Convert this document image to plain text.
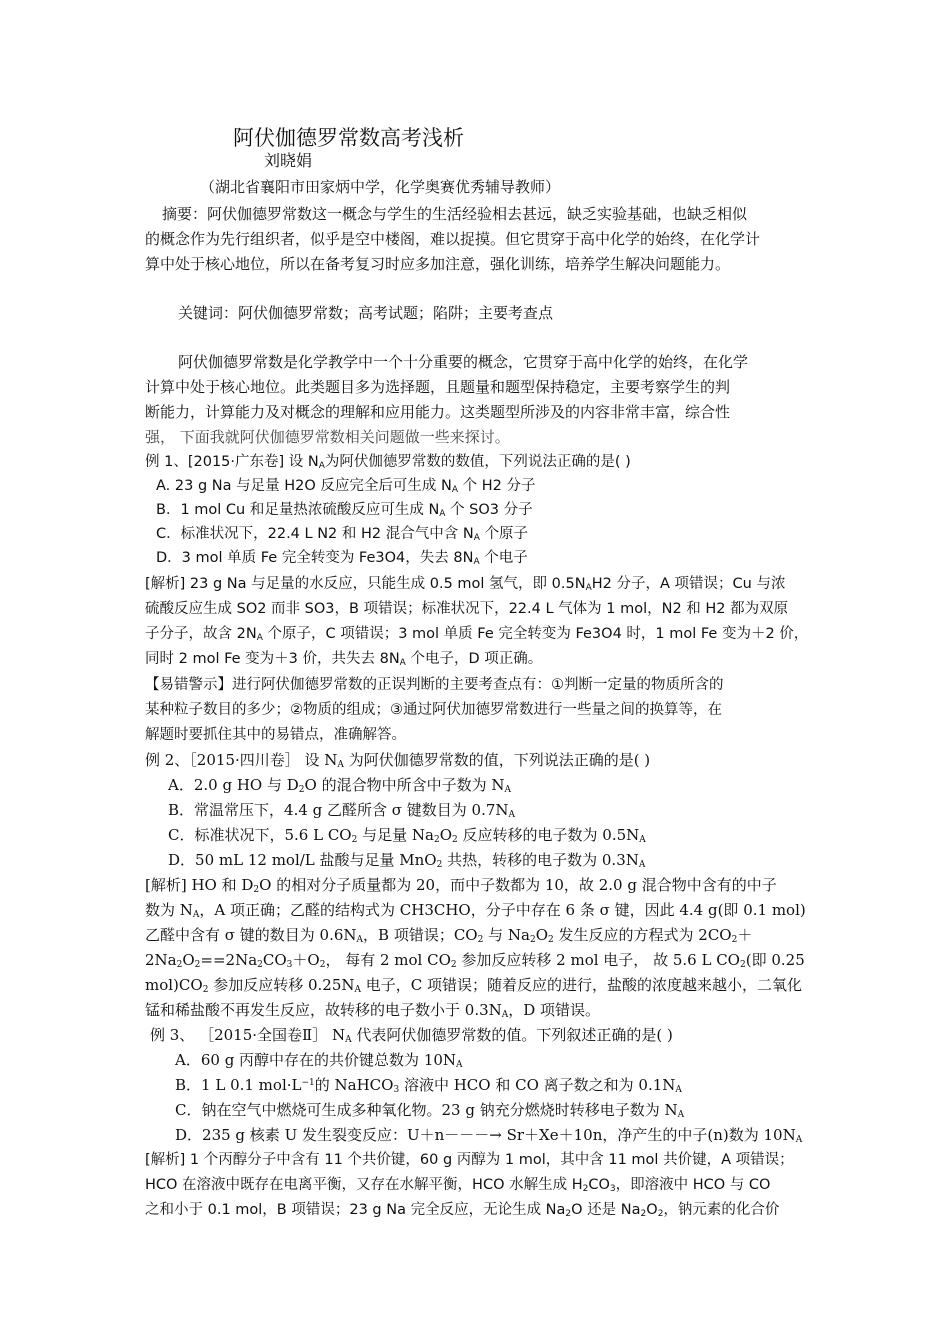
阿伏伽德罗常数高考浅析
刘晓娟
（湖北省襄阳市田家炳中学，化学奥赛优秀辅导教师）
摘要：阿伏伽德罗常数这一概念与学生的生活经验相去甚远，缺乏实验基础，也缺乏相似
的概念作为先行组织者，似乎是空中楼阁，难以捉摸。但它贯穿于高中化学的始终，在化学计
算中处于核心地位，所以在备考复习时应多加注意，强化训练，培养学生解决问题能力。
关键词：阿伏伽德罗常数；高考试题；陷阱；主要考查点
阿伏伽德罗常数是化学教学中一个十分重要的概念，它贯穿于高中化学的始终，在化学
计算中处于核心地位。此类题目多为选择题，且题量和题型保持稳定，主要考察学生的判
断能力，计算能力及对概念的理解和应用能力。这类题型所涉及的内容非常丰富，综合性
强， 下面我就阿伏伽德罗常数相关问题做一些来探讨。
例 1、[2015·广东卷] 设 $N_A$为阿伏伽德罗常数的数值，下列说法正确的是( )
A. 23 g Na 与足量 H2O 反应完全后可生成 $N_A$ 个 H2 分子
B．1 mol Cu 和足量热浓硫酸反应可生成 $N_A$ 个 SO3 分子
C．标准状况下，22.4 L N2 和 H2 混合气中含 $N_A$ 个原子
D．3 mol 单质 Fe 完全转变为 Fe3O4，失去 $8N_A$ 个电子
[解析] 23 g Na 与足量的水反应，只能生成 0.5 mol 氢气，即 $0.5N_AH2$ 分子，A 项错误；Cu 与浓
硫酸反应生成 SO2 而非 SO3，B 项错误；标准状况下，22.4 L 气体为 1 mol，N2 和 H2 都为双原
子分子，故含 $2N_A$ 个原子，C 项错误；3 mol 单质 Fe 完全转变为 Fe3O4 时，1 mol Fe 变为＋2 价，
同时 2 mol Fe 变为＋3 价，共失去 $8N_A$ 个电子，D 项正确。
【易错警示】进行阿伏伽德罗常数的正误判断的主要考查点有：①判断一定量的物质所含的
某种粒子数目的多少；②物质的组成；③通过阿伏加德罗常数进行一些量之间的换算等，在
解题时要抓住其中的易错点，准确解答。
例 2、［2015·四川卷］ 设 $N_A$ 为阿伏伽德罗常数的值，下列说法正确的是( )
A．2.0 g HO 与 $D_2O$ 的混合物中所含中子数为 $N_A$
B．常温常压下，4.4 g 乙醛所含 σ 键数目为 $0.7N_A$
C．标准状况下，5.6 L $CO_2$ 与足量 $Na_2O_2$ 反应转移的电子数为 $0.5N_A$
D．50 mL 12 mol/L 盐酸与足量 MnO$_2$ 共热，转移的电子数为 $0.3N_A$
[解析] HO 和 $D_2O$ 的相对分子质量都为 20，而中子数都为 10，故 2.0 g 混合物中含有的中子
数为 $N_A$，A 项正确；乙醛的结构式为 CH3CHO，分子中存在 6 条 σ 键，因此 4.4 g(即 0.1 mol)
乙醛中含有 σ 键的数目为 $0.6N_A$，B 项错误；$CO_2$ 与 $Na_2O_2$ 发生反应的方程式为 $2CO_2+$
$2Na_2O_2==2Na_2CO_3+O_2$， 每有 2 mol $CO_2$ 参加反应转移 2 mol 电子， 故 5.6 L $CO_2$(即 0.25
$mol)CO_2$ 参加反应转移 $0.25N_A$ 电子，C 项错误；随着反应的进行，盐酸的浓度越来越小，二氧化
锰和稀盐酸不再发生反应，故转移的电子数小于 $0.3N_A$，D 项错误。
例 3、 ［2015·全国卷Ⅱ］ $N_A$ 代表阿伏伽德罗常数的值。下列叙述正确的是( )
A．60 g 丙醇中存在的共价键总数为 $10N_A$
B．1 L 0.1 $mol\cdot L^{-1}$的 NaHCO$_3$ 溶液中 HCO 和 CO 离子数之和为 $0.1N_A$
C．钠在空气中燃烧可生成多种氧化物。23 g 钠充分燃烧时转移电子数为 $N_A$
D．235 g 核素 U 发生裂变反应：U＋n－－－→ Sr＋Xe＋10n，净产生的中子(n)数为 $10N_A$
[解析] 1 个丙醇分子中含有 11 个共价键，60 g 丙醇为 1 mol，其中含 11 mol 共价键，A 项错误；
HCO 在溶液中既存在电离平衡，又存在水解平衡，HCO 水解生成 $H_2CO_3$，即溶液中 HCO 与 CO
之和小于 0.1 mol，B 项错误；23 g Na 完全反应，无论生成 $Na_2O$ 还是 $Na_2O_2$，钠元素的化合价
